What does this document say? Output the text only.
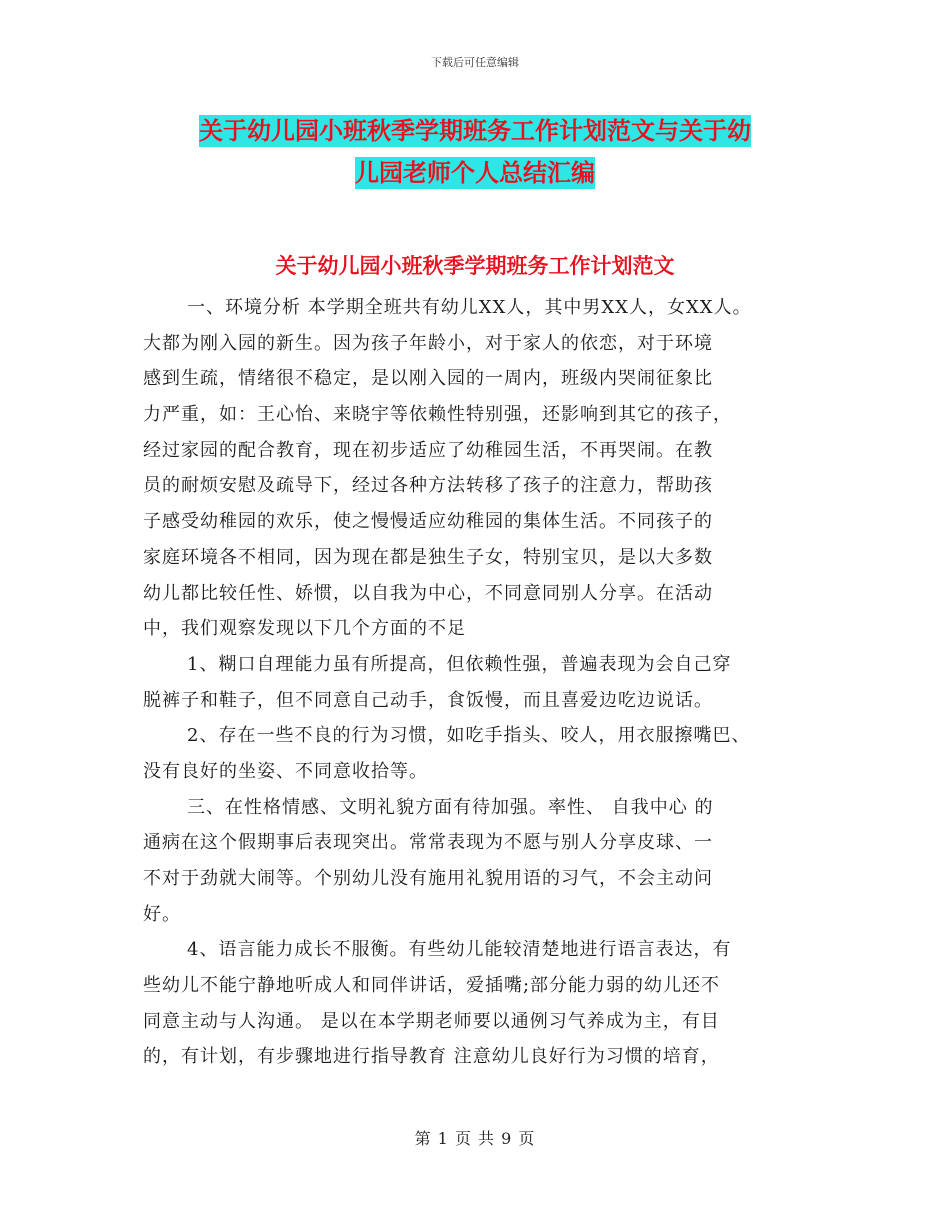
下载后可任意编辑
关于幼儿园小班秋季学期班务工作计划范文与关于幼
儿园老师个人总结汇编
关于幼儿园小班秋季学期班务工作计划范文
一、环境分析 本学期全班共有幼儿XX人，其中男XX人，女XX人。
大都为刚入园的新生。因为孩子年龄小，对于家人的依恋，对于环境
感到生疏，情绪很不稳定，是以刚入园的一周内，班级内哭闹征象比
力严重，如：王心怡、来晓宇等依赖性特别强，还影响到其它的孩子，
经过家园的配合教育，现在初步适应了幼稚园生活，不再哭闹。在教
员的耐烦安慰及疏导下，经过各种方法转移了孩子的注意力，帮助孩
子感受幼稚园的欢乐，使之慢慢适应幼稚园的集体生活。不同孩子的
家庭环境各不相同，因为现在都是独生子女，特别宝贝，是以大多数
幼儿都比较任性、娇惯，以自我为中心，不同意同别人分享。在活动
中，我们观察发现以下几个方面的不足
1、糊口自理能力虽有所提高，但依赖性强，普遍表现为会自己穿
脱裤子和鞋子，但不同意自己动手，食饭慢，而且喜爱边吃边说话。
2、存在一些不良的行为习惯，如吃手指头、咬人，用衣服擦嘴巴、
没有良好的坐姿、不同意收拾等。
三、在性格情感、文明礼貌方面有待加强。率性、 自我中心 的
通病在这个假期事后表现突出。常常表现为不愿与别人分享皮球、一
不对于劲就大闹等。个别幼儿没有施用礼貌用语的习气，不会主动问
好。
4、语言能力成长不服衡。有些幼儿能较清楚地进行语言表达，有
些幼儿不能宁静地听成人和同伴讲话，爱插嘴;部分能力弱的幼儿还不
同意主动与人沟通。 是以在本学期老师要以通例习气养成为主，有目
的，有计划，有步骤地进行指导教育 注意幼儿良好行为习惯的培育，
第 1 页 共 9 页
